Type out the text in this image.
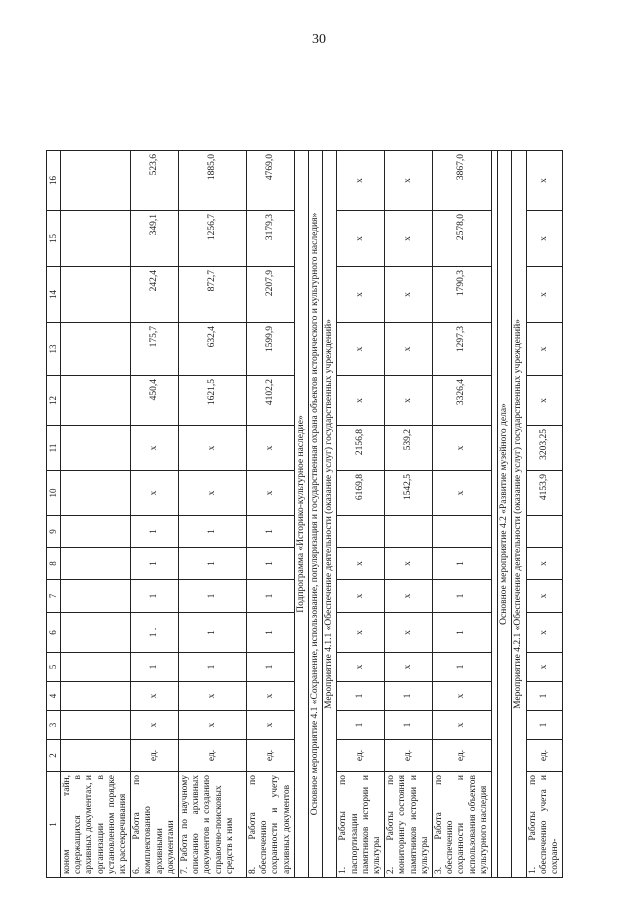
30
1	2	3	4	5	6	7	8	9	10	11	12	13	14	15	16	
коном тайн, содержащихся в архивных документах, и организации в установленном порядке их рассекречивания																
6. Работа по комплектованию архивными документами	ед.	х	х	1	1 .	1	1	1	х	х	450,4	175,7	242,4	349,1	523,6	
7. Работа по научному описанию архивных документов и созданию справочно-поисковых средств к ним	ед.	х	х	1	1	1	1	1	х	х	1621,5	632,4	872,7	1256,7	1885,0	
8. Работа по обеспечению сохранности и учету архивных документов	ед.	х	х	1	1	1	1	1	х	х	4102,2	1599,9	2207,9	3179,3	4769,0	
Подпрограмма «Историко-культурное наследие»																
Основное мероприятие 4.1 «Сохранение, использование, популяризация и государственная охрана объектов исторического и культурного наследия»																
Мероприятие 4.1.1 «Обеспечение деятельности (оказание услуг) государственных учреждений»																
1. Работы по паспортизации памятников истории и культуры	ед.	1	1	х	х	х	х		6169,8	2156,8	х	х	х	х	х	
2. Работы по мониторингу состояния памятников истории и культуры	ед.	1	1	х	х	х	х		1542,5	539,2	х	х	х	х	х	
3. Работа по обеспечению сохранности и использования объектов культурного наследия	ед.	х	х	1	1	1	1		х	х	3326,4	1297,3	1790,3	2578,0	3867,0	

Основное мероприятие 4.2 «Развитие музейного дела»																
Мероприятие 4.2.1 «Обеспечение деятельности (оказание услуг) государственных учреждений»																
1. Работы по обеспечению учета и сохрано-	ед.	1	1	х	х	х	х		4153,9	3203,25	х	х	х	х	х	
